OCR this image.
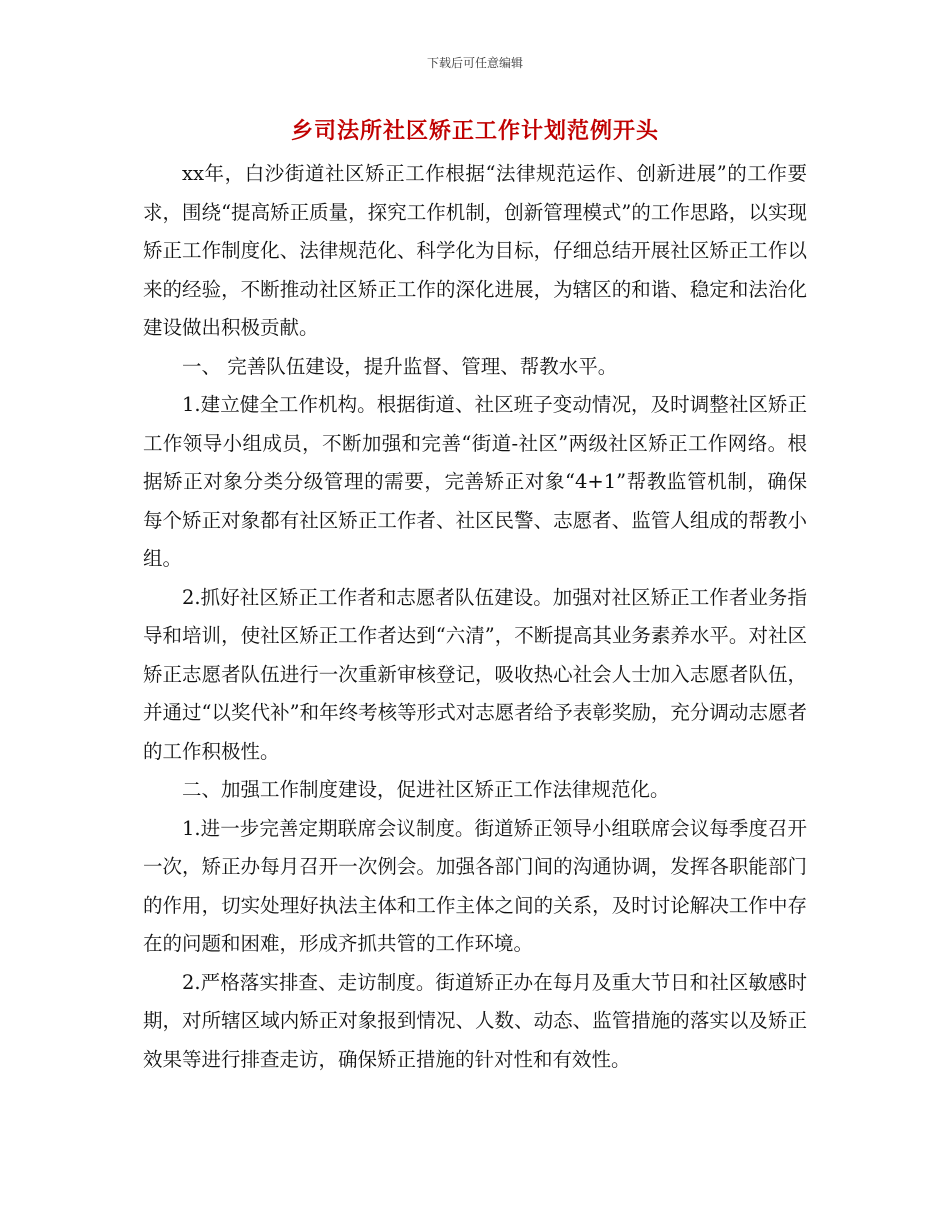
下载后可任意编辑
乡司法所社区矫正工作计划范例开头

xx年，白沙街道社区矫正工作根据“法律规范运作、创新进展”的工作要求，围绕“提高矫正质量，探究工作机制，创新管理模式”的工作思路，以实现矫正工作制度化、法律规范化、科学化为目标，仔细总结开展社区矫正工作以来的经验，不断推动社区矫正工作的深化进展，为辖区的和谐、稳定和法治化建设做出积极贡献。

一、 完善队伍建设，提升监督、管理、帮教水平。

1.建立健全工作机构。根据街道、社区班子变动情况，及时调整社区矫正工作领导小组成员，不断加强和完善“街道-社区”两级社区矫正工作网络。根据矫正对象分类分级管理的需要，完善矫正对象“4+1”帮教监管机制，确保每个矫正对象都有社区矫正工作者、社区民警、志愿者、监管人组成的帮教小组。

2.抓好社区矫正工作者和志愿者队伍建设。加强对社区矫正工作者业务指导和培训，使社区矫正工作者达到“六清”，不断提高其业务素养水平。对社区矫正志愿者队伍进行一次重新审核登记，吸收热心社会人士加入志愿者队伍，并通过“以奖代补”和年终考核等形式对志愿者给予表彰奖励，充分调动志愿者的工作积极性。

二、加强工作制度建设，促进社区矫正工作法律规范化。

1.进一步完善定期联席会议制度。街道矫正领导小组联席会议每季度召开一次，矫正办每月召开一次例会。加强各部门间的沟通协调，发挥各职能部门的作用，切实处理好执法主体和工作主体之间的关系，及时讨论解决工作中存在的问题和困难，形成齐抓共管的工作环境。

2.严格落实排查、走访制度。街道矫正办在每月及重大节日和社区敏感时期，对所辖区域内矫正对象报到情况、人数、动态、监管措施的落实以及矫正效果等进行排查走访，确保矫正措施的针对性和有效性。
